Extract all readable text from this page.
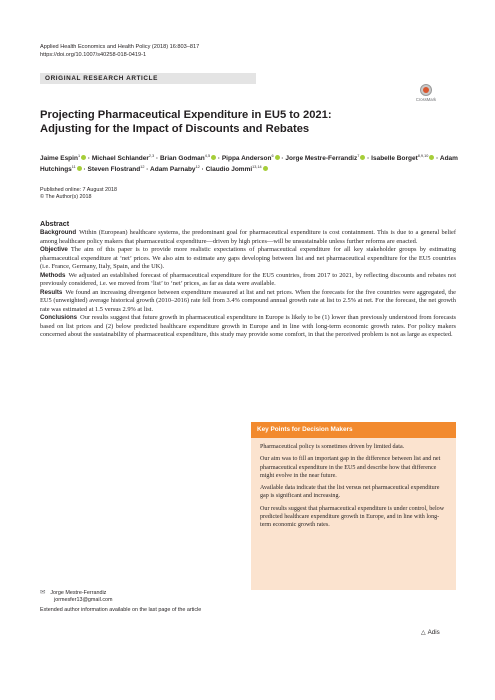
Applied Health Economics and Health Policy (2018) 16:803–817
https://doi.org/10.1007/s40258-018-0419-1
ORIGINAL RESEARCH ARTICLE
CrossMark
Projecting Pharmaceutical Expenditure in EU5 to 2021: Adjusting for the Impact of Discounts and Rebates
Jaime Espin$^1$ · Michael Schlander$^{2,3}$ · Brian Godman$^{4,5}$ · Pippa Anderson$^6$ · Jorge Mestre-Ferrandiz$^7$ · Isabelle Borget$^{8,9,10}$ · Adam Hutchings$^{11}$ · Steven Flostrand$^{12}$ · Adam Parnaby$^{12}$ · Claudio Jommi$^{13,14}$
Published online: 7 August 2018
© The Author(s) 2018
Abstract

Background Within (European) healthcare systems, the predominant goal for pharmaceutical expenditure is cost containment. This is due to a general belief among healthcare policy makers that pharmaceutical expenditure—driven by high prices—will be unsustainable unless further reforms are enacted.

Objective The aim of this paper is to provide more realistic expectations of pharmaceutical expenditure for all key stakeholder groups by estimating pharmaceutical expenditure at ‘net’ prices. We also aim to estimate any gaps developing between list and net pharmaceutical expenditure for the EU5 countries (i.e. France, Germany, Italy, Spain, and the UK).

Methods We adjusted an established forecast of pharmaceutical expenditure for the EU5 countries, from 2017 to 2021, by reflecting discounts and rebates not previously considered, i.e. we moved from ‘list’ to ‘net’ prices, as far as data were available.

Results We found an increasing divergence between expenditure measured at list and net prices. When the forecasts for the five countries were aggregated, the EU5 (unweighted) average historical growth (2010–2016) rate fell from 3.4% compound annual growth rate at list to 2.5% at net. For the forecast, the net growth rate was estimated at 1.5 versus 2.9% at list.

Conclusions Our results suggest that future growth in pharmaceutical expenditure in Europe is likely to be (1) lower than previously understood from forecasts based on list prices and (2) below predicted healthcare expenditure growth in Europe and in line with long-term economic growth rates. For policy makers concerned about the sustainability of pharmaceutical expenditure, this study may provide some comfort, in that the perceived problem is not as large as expected.

Key Points for Decision Makers
Pharmaceutical policy is sometimes driven by limited data.
Our aim was to fill an important gap in the difference between list and net pharmaceutical expenditure in the EU5 and describe how that difference might evolve in the near future.
Available data indicate that the list versus net pharmaceutical expenditure gap is significant and increasing.
Our results suggest that pharmaceutical expenditure is under control, below predicted healthcare expenditure growth in Europe, and in line with long-term economic growth rates.
✉ Jorge Mestre-Ferrandiz
jormesfer13@gmail.com
Extended author information available on the last page of the article
△ Adis
